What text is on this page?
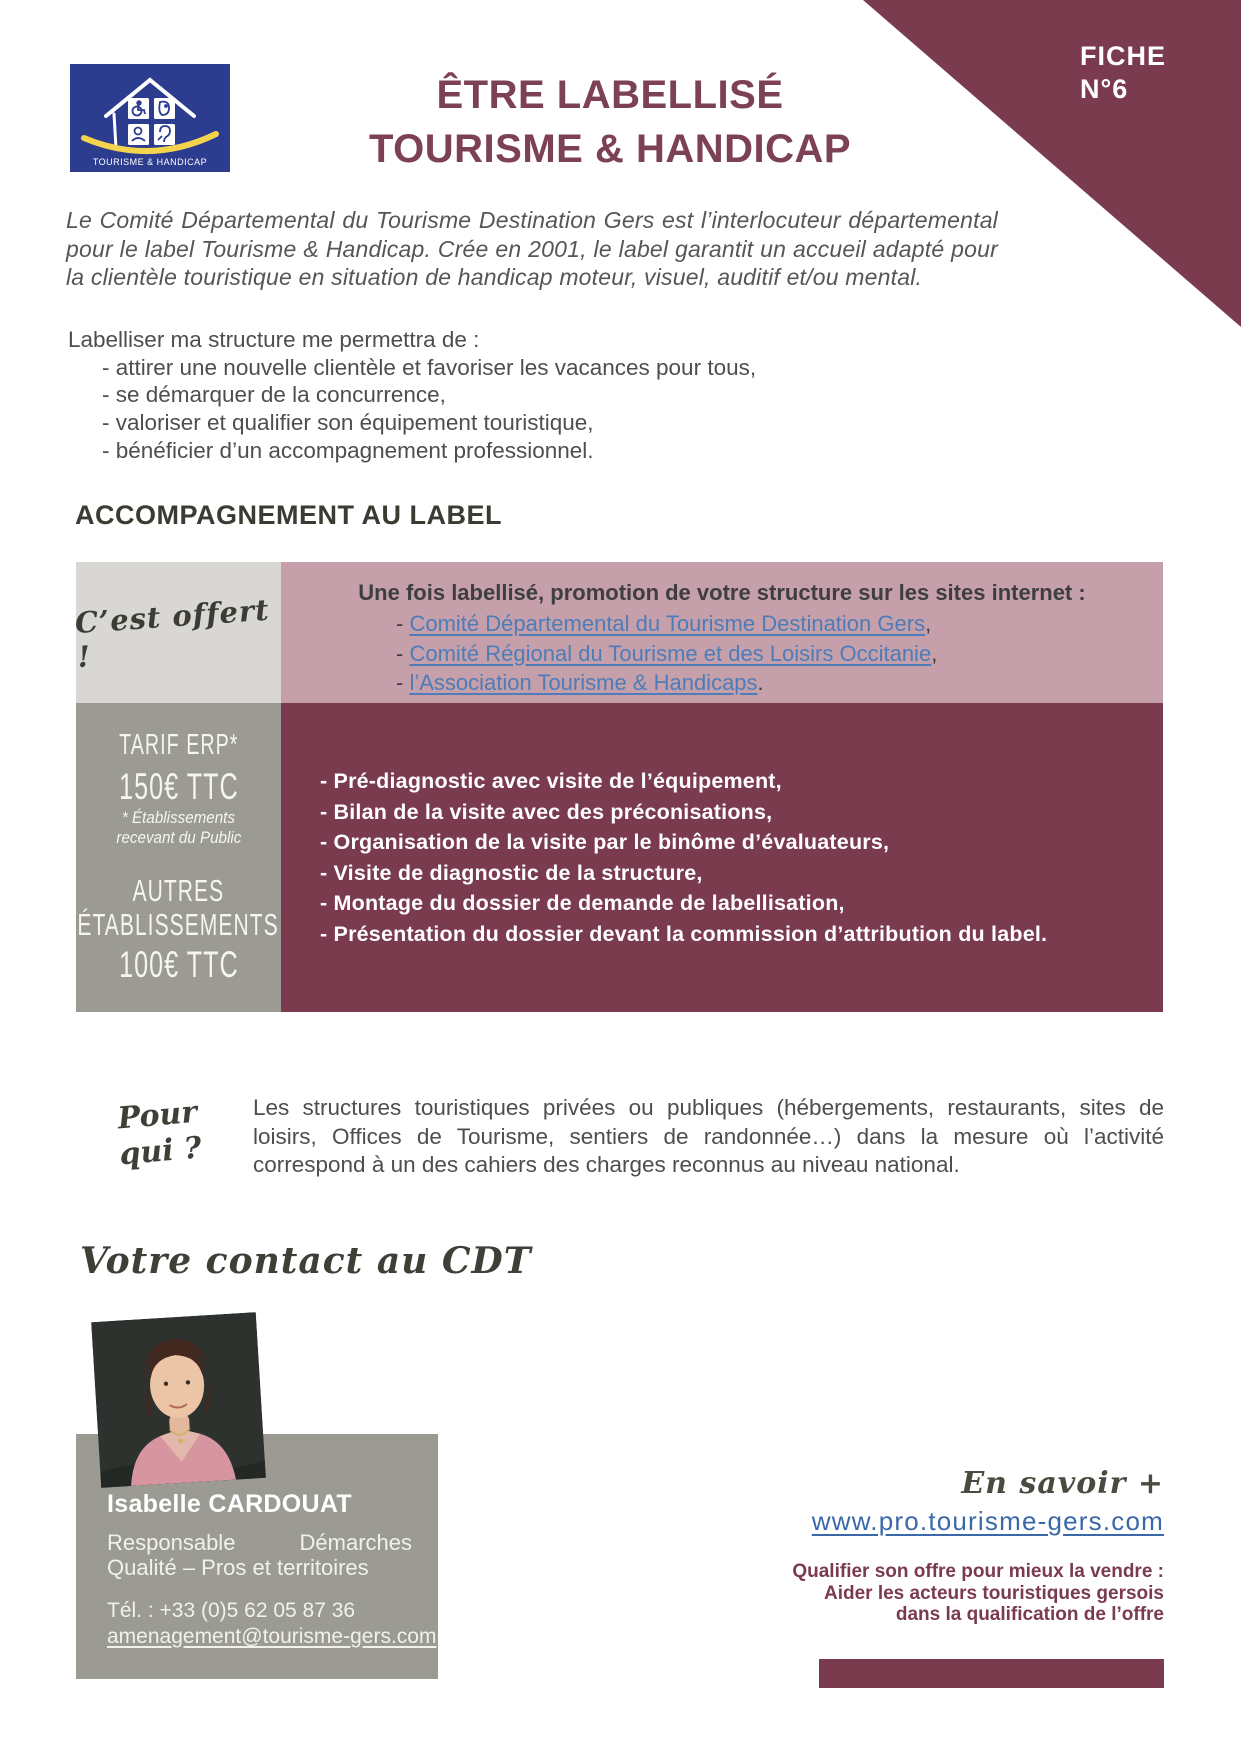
FICHE
N°6
TOURISME & HANDICAP
ÊTRE LABELLISÉ
TOURISME & HANDICAP
Le Comité Départemental du Tourisme Destination Gers est l’interlocuteur départemental pour le label Tourisme & Handicap. Crée en 2001, le label garantit un accueil adapté pour la clientèle touristique en situation de handicap moteur, visuel, auditif et/ou mental.
Labelliser ma structure me permettra de :
- attirer une nouvelle clientèle et favoriser les vacances pour tous,
- se démarquer de la concurrence,
- valoriser et qualifier son équipement touristique,
- bénéficier d’un accompagnement professionnel.
ACCOMPAGNEMENT AU LABEL
C’est offert !
Une fois labellisé, promotion de votre structure sur les sites internet :
- Comité Départemental du Tourisme Destination Gers,
- Comité Régional du Tourisme et des Loisirs Occitanie,
- l’Association Tourisme & Handicaps.
TARIF ERP*
150€ TTC
* Établissements
recevant du Public
AUTRES
ÉTABLISSEMENTS
100€ TTC
- Pré-diagnostic avec visite de l’équipement,
- Bilan de la visite avec des préconisations,
- Organisation de la visite par le binôme d’évaluateurs,
- Visite de diagnostic de la structure,
- Montage du dossier de demande de labellisation,
- Présentation du dossier devant la commission d’attribution du label.
Pour
qui ?
Les structures touristiques privées ou publiques (hébergements, restaurants, sites de loisirs, Offices de Tourisme, sentiers de randonnée…) dans la mesure où l’activité correspond à un des cahiers des charges reconnus au niveau national.
Votre contact au CDT
Isabelle CARDOUAT
Responsable Démarches Qualité – Pros et territoires
Tél. : +33 (0)5 62 05 87 36
amenagement@tourisme-gers.com
En savoir +
www.pro.tourisme-gers.com
Qualifier son offre pour mieux la vendre :
Aider les acteurs touristiques gersois
dans la qualification de l’offre
